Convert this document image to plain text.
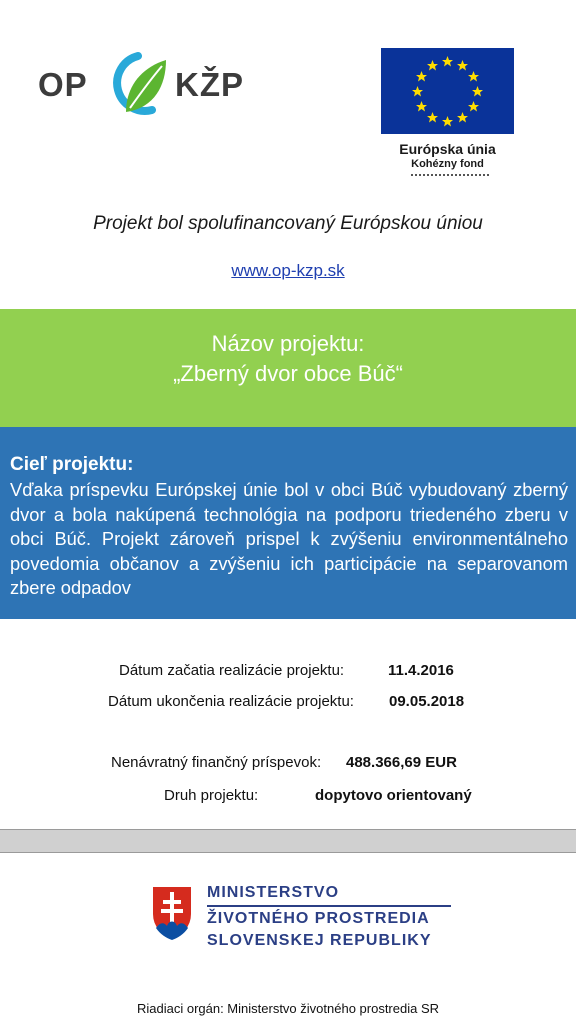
OP	KŽP
Európska únia
Kohézny fond
Projekt bol spolufinancovaný Európskou úniou
www.op-kzp.sk
Názov projektu:
„Zberný dvor obce Búč“
Cieľ projektu:
Vďaka príspevku Európskej únie bol v obci Búč vybudovaný zberný dvor a bola nakúpená technológia na podporu triedeného zberu v obci Búč. Projekt zároveň prispel k zvýšeniu environmentálneho povedomia občanov a zvýšeniu ich participácie na separovanom zbere odpadov
Dátum začatia realizácie projektu:	11.4.2016
Dátum ukončenia realizácie projektu: 09.05.2018
Nenávratný finančný príspevok: 488.366,69 EUR
Druh projektu:	dopytovo orientovaný
MINISTERSTVO
ŽIVOTNÉHO PROSTREDIA
SLOVENSKEJ REPUBLIKY
Riadiaci orgán: Ministerstvo životného prostredia SR
